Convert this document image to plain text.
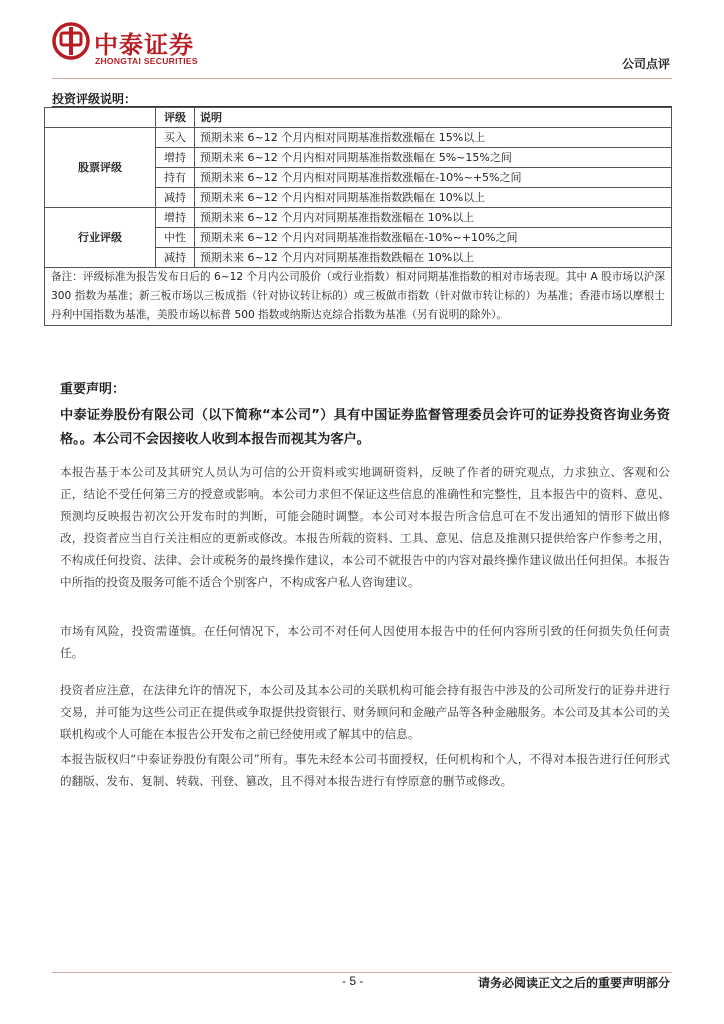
中泰证券
ZHONGTAI SECURITIES	公司点评
投资评级说明：
	评级	说明
股票评级	买入	预期未来 6~12 个月内相对同期基准指数涨幅在 15%以上
	增持	预期未来 6~12 个月内相对同期基准指数涨幅在 5%~15%之间
	持有	预期未来 6~12 个月内相对同期基准指数涨幅在-10%~+5%之间
	减持	预期未来 6~12 个月内相对同期基准指数跌幅在 10%以上
行业评级	增持	预期未来 6~12 个月内对同期基准指数涨幅在 10%以上
	中性	预期未来 6~12 个月内对同期基准指数涨幅在-10%~+10%之间
	减持	预期未来 6~12 个月内对同期基准指数跌幅在 10%以上
备注：评级标准为报告发布日后的 6~12 个月内公司股价（或行业指数）相对同期基准指数的相对市场表现。其中 A 股市场以沪深 300 指数为基准；新三板市场以三板成指（针对协议转让标的）或三板做市指数（针对做市转让标的）为基准；香港市场以摩根士丹利中国指数为基准，美股市场以标普 500 指数或纳斯达克综合指数为基准（另有说明的除外）。		
重要声明：
中泰证券股份有限公司（以下简称“本公司”）具有中国证券监督管理委员会许可的证券投资咨询业务资格。。本公司不会因接收人收到本报告而视其为客户。
本报告基于本公司及其研究人员认为可信的公开资料或实地调研资料，反映了作者的研究观点，力求独立、客观和公正，结论不受任何第三方的授意或影响。本公司力求但不保证这些信息的准确性和完整性，且本报告中的资料、意见、预测均反映报告初次公开发布时的判断，可能会随时调整。本公司对本报告所含信息可在不发出通知的情形下做出修改，投资者应当自行关注相应的更新或修改。本报告所载的资料、工具、意见、信息及推测只提供给客户作参考之用，不构成任何投资、法律、会计或税务的最终操作建议，本公司不就报告中的内容对最终操作建议做出任何担保。本报告中所指的投资及服务可能不适合个别客户，不构成客户私人咨询建议。
市场有风险，投资需谨慎。在任何情况下，本公司不对任何人因使用本报告中的任何内容所引致的任何损失负任何责任。
投资者应注意，在法律允许的情况下，本公司及其本公司的关联机构可能会持有报告中涉及的公司所发行的证券并进行交易，并可能为这些公司正在提供或争取提供投资银行、财务顾问和金融产品等各种金融服务。本公司及其本公司的关联机构或个人可能在本报告公开发布之前已经使用或了解其中的信息。
本报告版权归“中泰证券股份有限公司”所有。事先未经本公司书面授权，任何机构和个人，不得对本报告进行任何形式的翻版、发布、复制、转载、刊登、篡改，且不得对本报告进行有悖原意的删节或修改。
- 5 -	请务必阅读正文之后的重要声明部分
